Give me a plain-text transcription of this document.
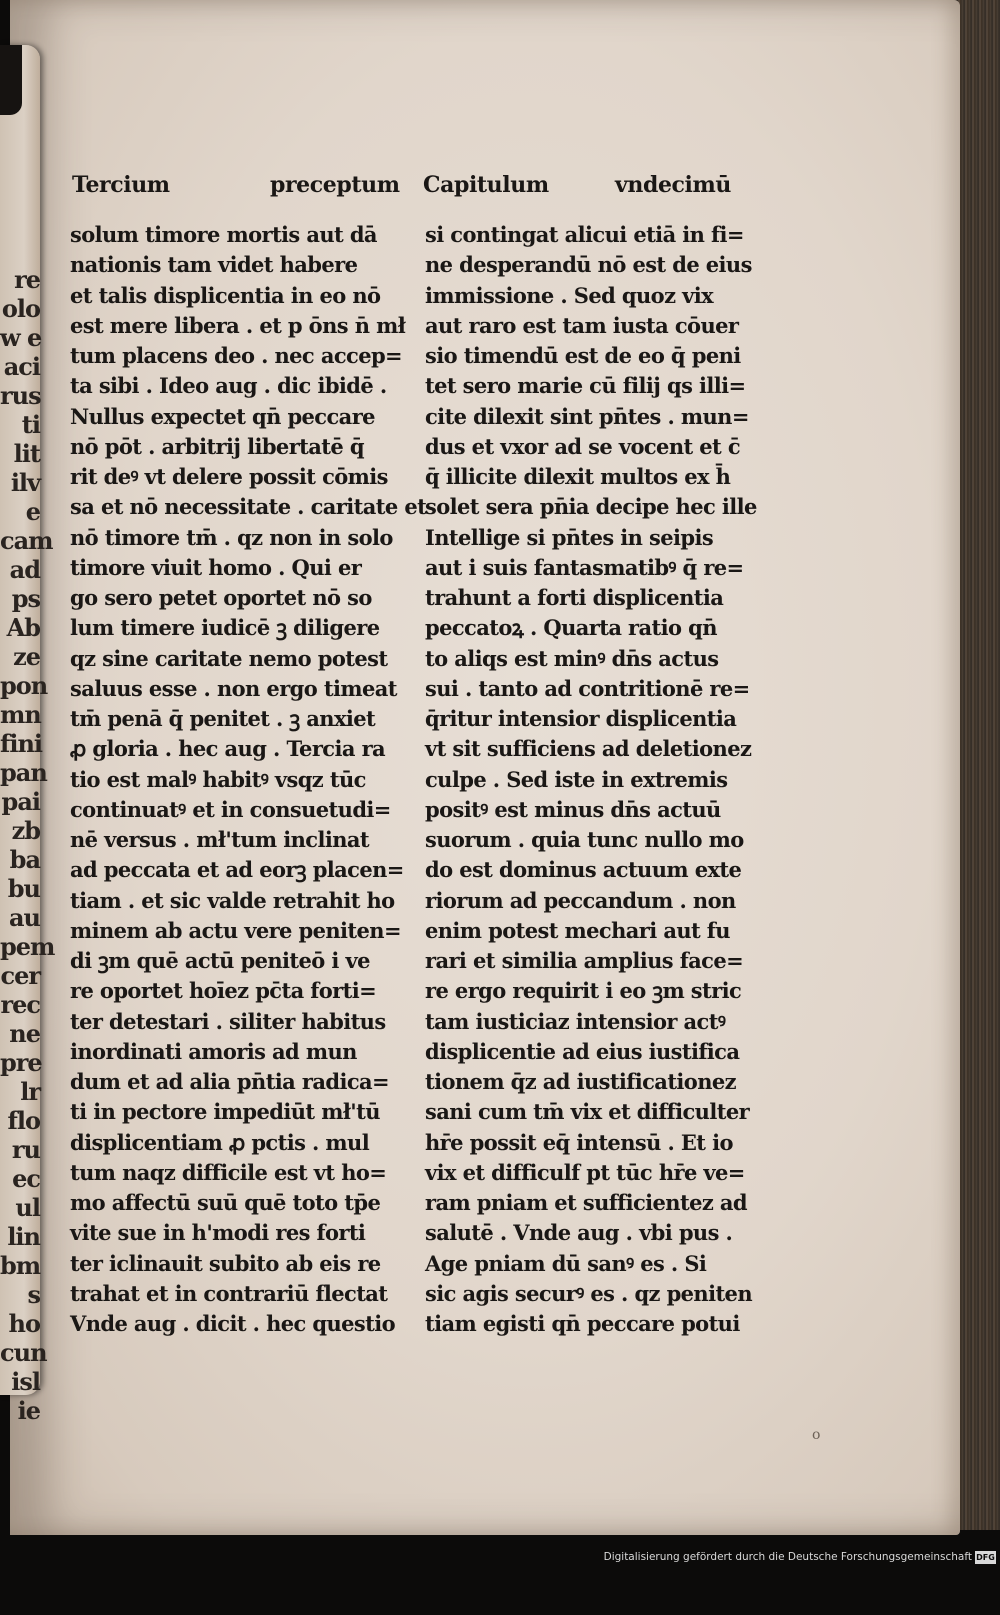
re
olo
w e
aci
rus
ti
lit
ilv
e
cam
ad
ps
Ab
ze
pon
mn
fini
pan
pai
zb
ba
bu
au
pem
cer
rec
ne
pre
lr
flo
ru
ec
ul
lin
bm
s
ho
cun
isl
ie
Tercium	preceptum Capitulum	vndecimū
solum timore mortis aut dā
nationis tam videt habere
et talis displicentia in eo nō
est mere libera . et p ōns n̄ mł
tum placens deo . nec accep=
ta sibi . Ideo aug . dic ibidē .
Nullus expectet qn̄ peccare
nō pōt . arbitrij libertatē q̄
rit deꝰ vt delere possit cōmis
sa et nō necessitate . caritate et
nō timore tm̄ . qz non in solo
timore viuit homo . Qui er
go sero petet oportet nō so
lum timere iudicē ꝫ diligere
qz sine caritate nemo potest
saluus esse . non ergo timeat
tm̄ penā q̄ penitet . ꝫ anxiet
ꝓ gloria . hec aug . Tercia ra
tio est malꝰ habitꝰ vsqz tūc
continuatꝰ et in consuetudi=
nē versus . mł'tum inclinat
ad peccata et ad eorꝫ placen=
tiam . et sic valde retrahit ho
minem ab actu vere peniten=
di ꝫm quē actū peniteō i ve
re oportet hoīez pc̄ta forti=
ter detestari . siliter habitus
inordinati amoris ad mun
dum et ad alia pn̄tia radica=
ti in pectore impediūt mł'tū
displicentiam ꝓ pctis . mul
tum naqz difficile est vt ho=
mo affectū suū quē toto tp̄e
vite sue in h'modi res forti
ter iclinauit subito ab eis re
trahat et in contrariū flectat
Vnde aug . dicit . hec questio
si contingat alicui etiā in fi=
ne desperandū nō est de eius
immissione . Sed quoz vix
aut raro est tam iusta cōuer
sio timendū est de eo q̄ peni
tet sero marie cū filij qs illi=
cite dilexit sint pn̄tes . mun=
dus et vxor ad se vocent et c̄
q̄ illicite dilexit multos ex h̄
solet sera pn̄ia decipe hec ille
Intellige si pn̄tes in seipis
aut i suis fantasmatibꝰ q̄ re=
trahunt a forti displicentia
peccatoꝝ . Quarta ratio qn̄
to aliqs est minꝰ dn̄s actus
sui . tanto ad contritionē re=
q̄ritur intensior displicentia
vt sit sufficiens ad deletionez
culpe . Sed iste in extremis
positꝰ est minus dn̄s actuū
suorum . quia tunc nullo mo
do est dominus actuum exte
riorum ad peccandum . non
enim potest mechari aut fu
rari et similia amplius face=
re ergo requirit i eo ꝫm stric
tam iusticiaz intensior actꝰ
displicentie ad eius iustifica
tionem q̄z ad iustificationez
sani cum tm̄ vix et difficulter
hr̄e possit eq̄ intensū . Et io
vix et difficulf pt tūc hr̄e ve=
ram pniam et sufficientez ad
salutē . Vnde aug . vbi pus .
Age pniam dū sanꝰ es . Si
sic agis securꝰ es . qz peniten
tiam egisti qn̄ peccare potui
o
Digitalisierung gefördert durch die Deutsche Forschungsgemeinschaft DFG
